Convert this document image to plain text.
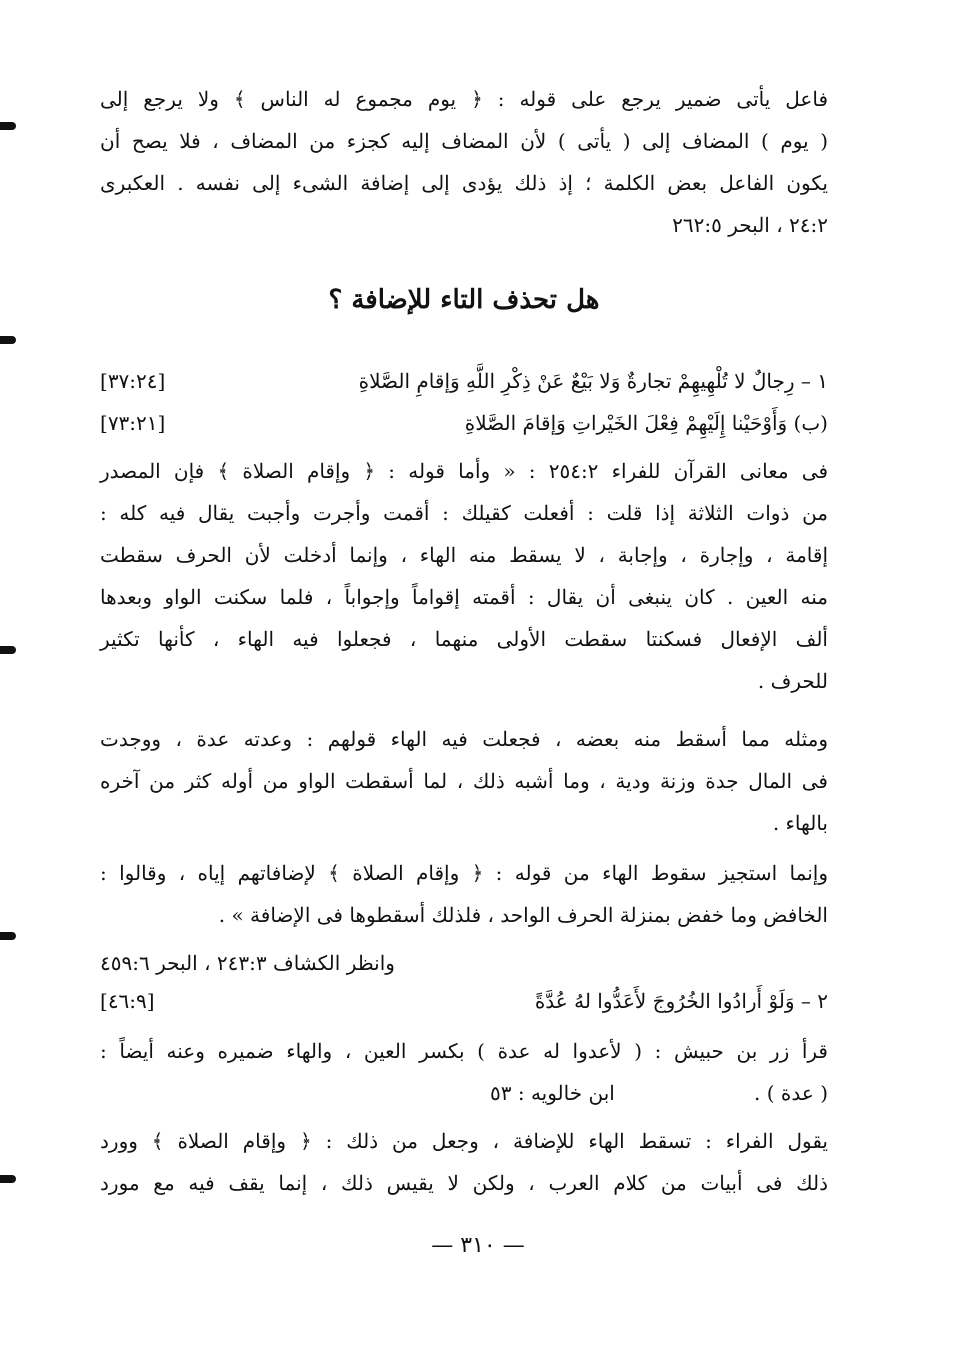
فاعل يأتى ضمير يرجع على قوله : ﴿ يوم مجموع له الناس ﴾ ولا يرجع إلى
( يوم ) المضاف إلى ( يأتى ) لأن المضاف إليه كجزء من المضاف ، فلا يصح أن
يكون الفاعل بعض الكلمة ؛ إذ ذلك يؤدى إلى إضافة الشىء إلى نفسه . العكبرى
٢٤:٢ ، البحر ٢٦٢:٥
هل تحذف التاء للإضافة ؟
١ – رِجالٌ لا تُلْهِيهِمْ تجارةٌ وَلا بَيْعٌ عَنْ ذِكْرِ اللَّهِ وَإقامِ الصَّلاةِ
[٣٧:٢٤]
(ب) وَأَوْحَيْنا إِلَيْهِمْ فِعْلَ الخَيْراتِ وَإقامَ الصَّلاةِ
[٧٣:٢١]
فى معانى القرآن للفراء ٢٥٤:٢ : « وأما قوله : ﴿ وإقام الصلاة ﴾ فإن المصدر
من ذوات الثلاثة إذا قلت : أفعلت كقيلك : أقمت وأجرت وأجبت يقال فيه كله :
إقامة ، وإجارة ، وإجابة ، لا يسقط منه الهاء ، وإنما أدخلت لأن الحرف سقطت
منه العين . كان ينبغى أن يقال : أقمته إقواماً وإجواباً ، فلما سكنت الواو وبعدها
ألف الإفعال فسكنتا سقطت الأولى منهما ، فجعلوا فيه الهاء ، كأنها تكثير
للحرف .
ومثله مما أسقط منه بعضه ، فجعلت فيه الهاء قولهم : وعدته عدة ، ووجدت
فى المال جدة وزنة ودية ، وما أشبه ذلك ، لما أسقطت الواو من أوله كثر من آخره
بالهاء .
وإنما استجيز سقوط الهاء من قوله : ﴿ وإقام الصلاة ﴾ لإضافاتهم إياه ، وقالوا :
الخافض وما خفض بمنزلة الحرف الواحد ، فلذلك أسقطوها فى الإضافة » .
وانظر الكشاف ٢٤٣:٣ ، البحر ٤٥٩:٦
٢ – وَلَوْ أَرادُوا الخُرُوجَ لأَعَدُّوا لهُ عُدَّةً
[٤٦:٩]
قرأ زر بن حبيش : ( لأعدوا له عدة ) بكسر العين ، والهاء ضميره وعنه أيضاً :
( عدة ) .
ابن خالويه : ٥٣
يقول الفراء : تسقط الهاء للإضافة ، وجعل من ذلك : ﴿ وإقام الصلاة ﴾ وورد
ذلك فى أبيات من كلام العرب ، ولكن لا يقيس ذلك ، إنما يقف فيه مع مورد
— ٣١٠ —
